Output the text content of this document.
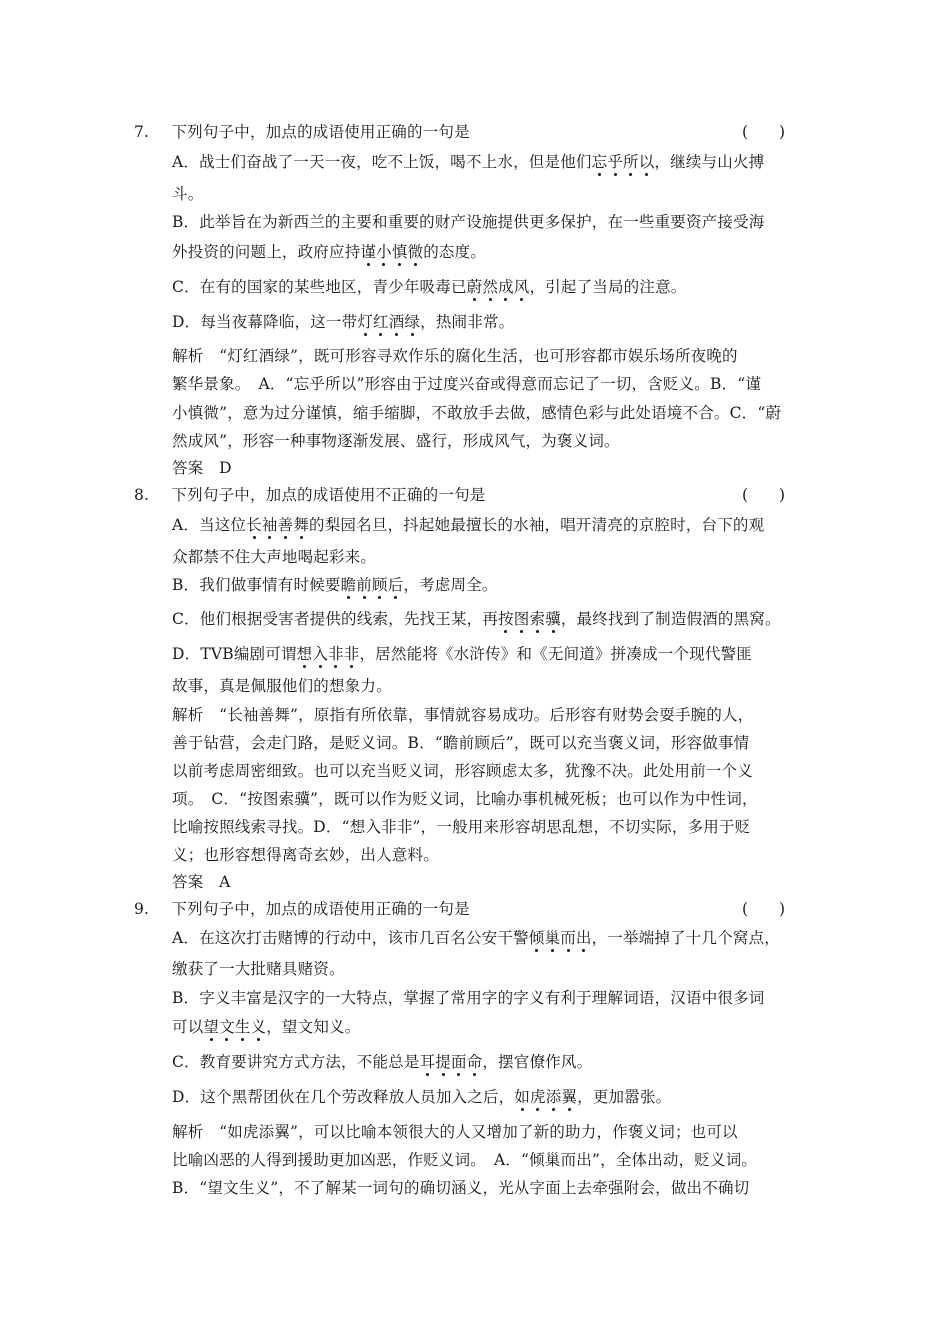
7. 下列句子中，加点的成语使用正确的一句是	(　　)
A．战士们奋战了一天一夜，吃不上饭，喝不上水，但是他们忘乎所以，继续与山火搏
斗。
B．此举旨在为新西兰的主要和重要的财产设施提供更多保护，在一些重要资产接受海
外投资的问题上，政府应持谨小慎微的态度。
C．在有的国家的某些地区，青少年吸毒已蔚然成风，引起了当局的注意。
D．每当夜幕降临，这一带灯红酒绿，热闹非常。
解析　“灯红酒绿”，既可形容寻欢作乐的腐化生活，也可形容都市娱乐场所夜晚的
繁华景象。　A．“忘乎所以”形容由于过度兴奋或得意而忘记了一切，含贬义。B．“谨
小慎微”，意为过分谨慎，缩手缩脚，不敢放手去做，感情色彩与此处语境不合。C．“蔚
然成风”，形容一种事物逐渐发展、盛行，形成风气，为褒义词。
答案　D
8. 下列句子中，加点的成语使用不正确的一句是	(　　)
A．当这位长袖善舞的梨园名旦，抖起她最擅长的水袖，唱开清亮的京腔时，台下的观
众都禁不住大声地喝起彩来。
B．我们做事情有时候要瞻前顾后，考虑周全。
C．他们根据受害者提供的线索，先找王某，再按图索骥，最终找到了制造假酒的黑窝。
D．TVB编剧可谓想入非非，居然能将《水浒传》和《无间道》拼凑成一个现代警匪
故事，真是佩服他们的想象力。
解析　“长袖善舞”，原指有所依靠，事情就容易成功。后形容有财势会耍手腕的人，
善于钻营，会走门路，是贬义词。B．“瞻前顾后”，既可以充当褒义词，形容做事情
以前考虑周密细致。也可以充当贬义词，形容顾虑太多，犹豫不决。此处用前一个义
项。　C．“按图索骥”，既可以作为贬义词，比喻办事机械死板；也可以作为中性词，
比喻按照线索寻找。D．“想入非非”，一般用来形容胡思乱想，不切实际，多用于贬
义；也形容想得离奇玄妙，出人意料。
答案　A
9. 下列句子中，加点的成语使用正确的一句是	(　　)
A．在这次打击赌博的行动中，该市几百名公安干警倾巢而出，一举端掉了十几个窝点，
缴获了一大批赌具赌资。
B．字义丰富是汉字的一大特点，掌握了常用字的字义有利于理解词语，汉语中很多词
可以望文生义，望文知义。
C．教育要讲究方式方法，不能总是耳提面命，摆官僚作风。
D．这个黑帮团伙在几个劳改释放人员加入之后，如虎添翼，更加嚣张。
解析　“如虎添翼”，可以比喻本领很大的人又增加了新的助力，作褒义词；也可以
比喻凶恶的人得到援助更加凶恶，作贬义词。　A．“倾巢而出”，全体出动，贬义词。
B．“望文生义”，不了解某一词句的确切涵义，光从字面上去牵强附会，做出不确切
